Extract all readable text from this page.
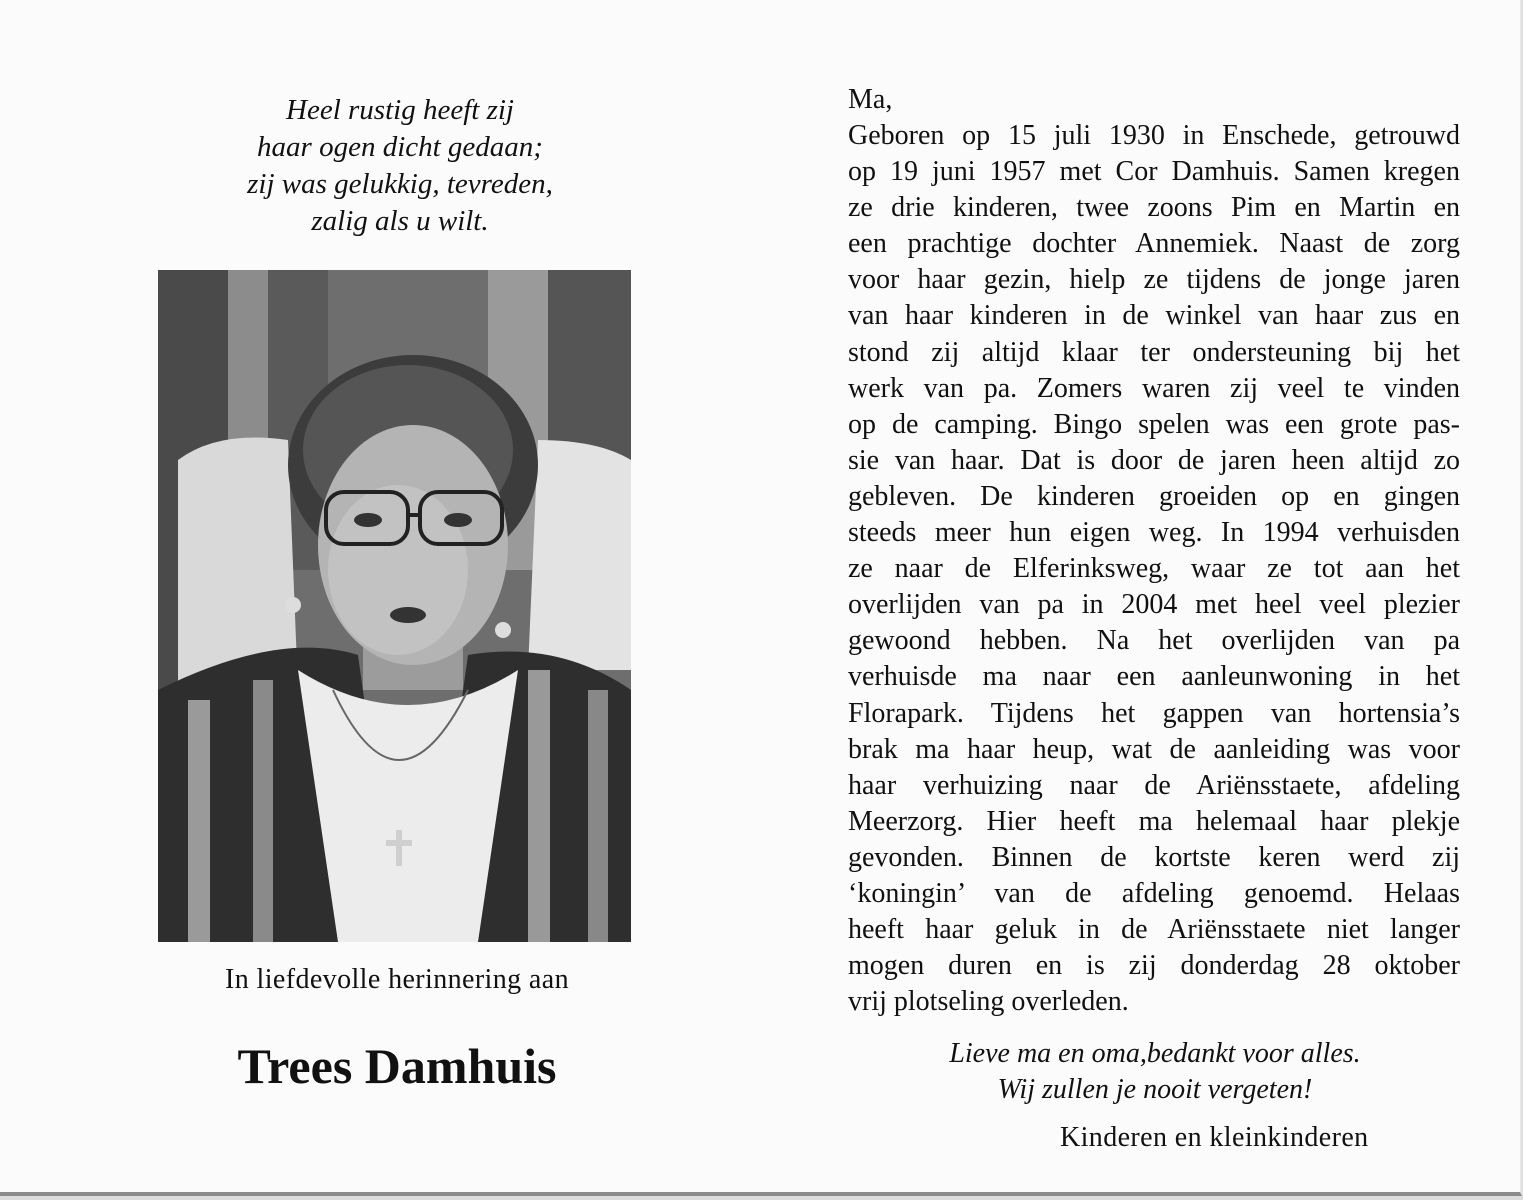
Heel rustig heeft zij
haar ogen dicht gedaan;
zij was gelukkig, tevreden,
zalig als u wilt.
In liefdevolle herinnering aan
Trees Damhuis
Ma,
Geboren op 15 juli 1930 in Enschede, getrouwd
op 19 juni 1957 met Cor Damhuis. Samen kregen
ze drie kinderen, twee zoons Pim en Martin en
een prachtige dochter Annemiek. Naast de zorg
voor haar gezin, hielp ze tijdens de jonge jaren
van haar kinderen in de winkel van haar zus en
stond zij altijd klaar ter ondersteuning bij het
werk van pa. Zomers waren zij veel te vinden
op de camping. Bingo spelen was een grote pas-
sie van haar. Dat is door de jaren heen altijd zo
gebleven. De kinderen groeiden op en gingen
steeds meer hun eigen weg. In 1994 verhuisden
ze naar de Elferinksweg, waar ze tot aan het
overlijden van pa in 2004 met heel veel plezier
gewoond hebben. Na het overlijden van pa
verhuisde ma naar een aanleunwoning in het
Florapark. Tijdens het gappen van hortensia’s
brak ma haar heup, wat de aanleiding was voor
haar verhuizing naar de Ariënsstaete, afdeling
Meerzorg. Hier heeft ma helemaal haar plekje
gevonden. Binnen de kortste keren werd zij
‘koningin’ van de afdeling genoemd. Helaas
heeft haar geluk in de Ariënsstaete niet langer
mogen duren en is zij donderdag 28 oktober
vrij plotseling overleden.
Lieve ma en oma,bedankt voor alles.
Wij zullen je nooit vergeten!
Kinderen en kleinkinderen
